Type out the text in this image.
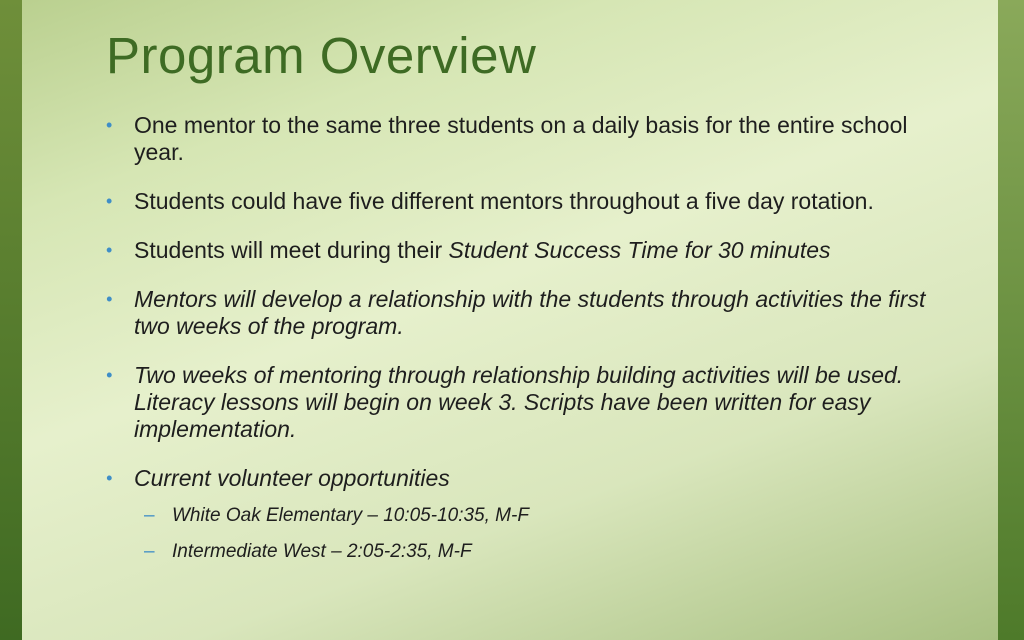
Program Overview
• One mentor to the same three students on a daily basis for the entire school year.
• Students could have five different mentors throughout a five day rotation.
• Students will meet during their Student Success Time for 30 minutes
• Mentors will develop a relationship with the students through activities the first two weeks of the program.
• Two weeks of mentoring through relationship building activities will be used. Literacy lessons will begin on week 3. Scripts have been written for easy implementation.
• Current volunteer opportunities
– White Oak Elementary – 10:05-10:35, M-F
– Intermediate West – 2:05-2:35, M-F
